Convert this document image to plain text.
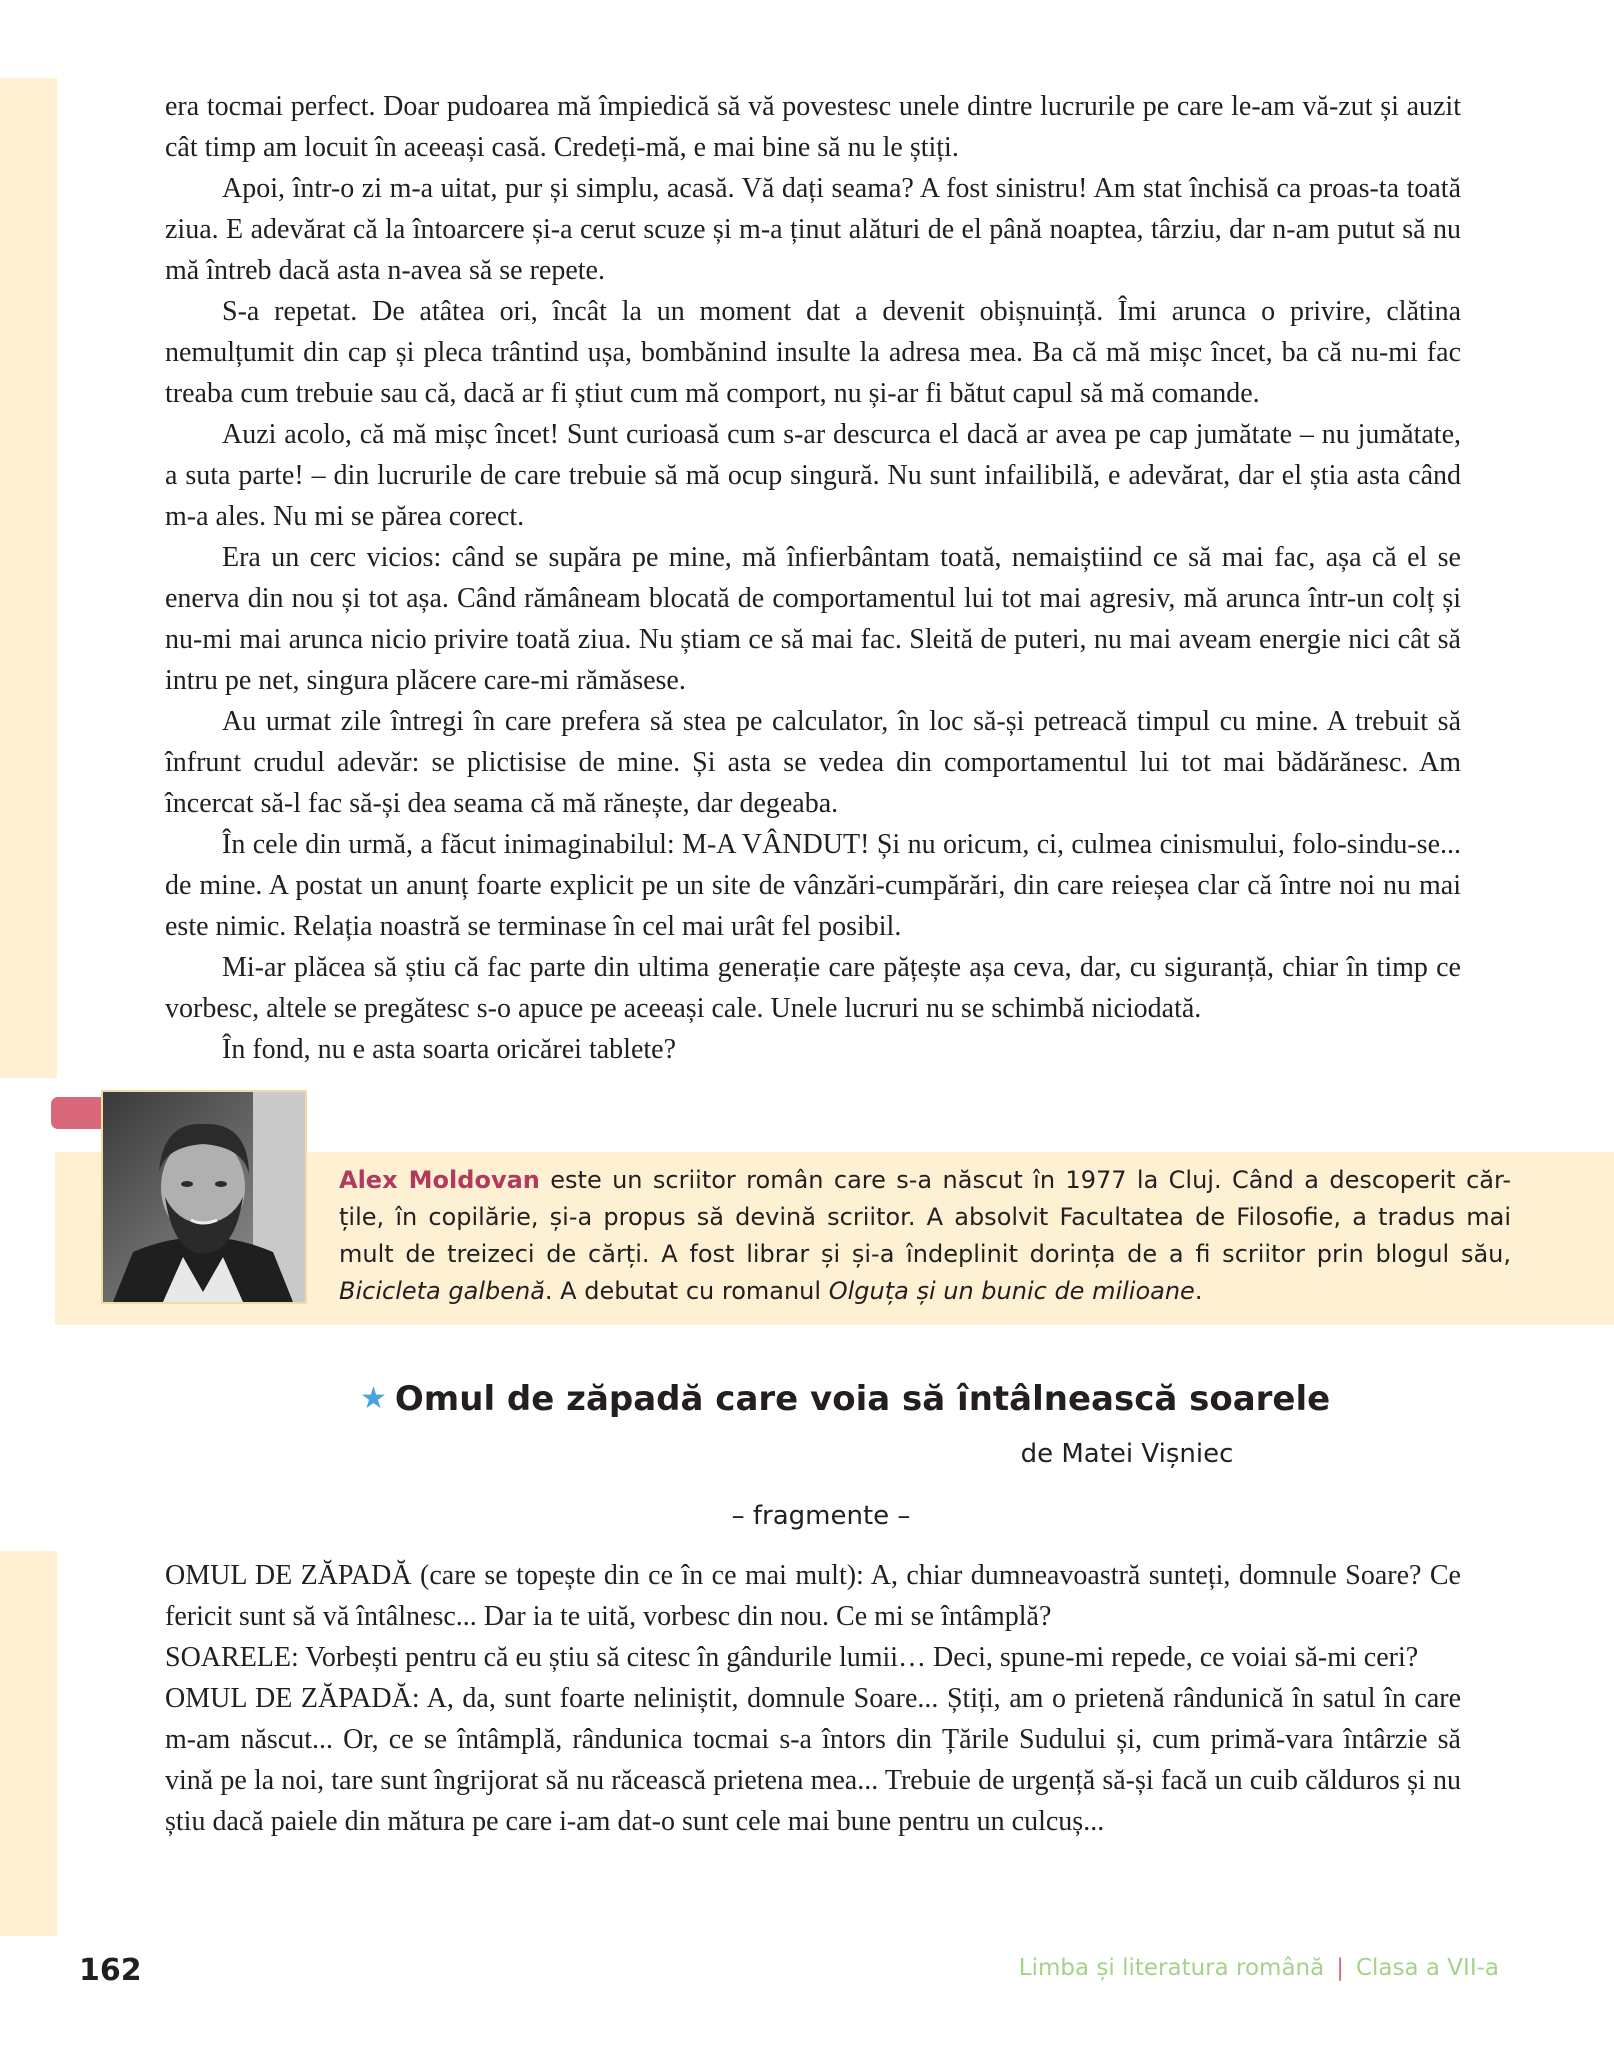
era tocmai perfect. Doar pudoarea mă împiedică să vă povestesc unele dintre lucrurile pe care le-am vă-zut și auzit cât timp am locuit în aceeași casă. Credeți-mă, e mai bine să nu le știți.

Apoi, într-o zi m-a uitat, pur și simplu, acasă. Vă dați seama? A fost sinistru! Am stat închisă ca proas-ta toată ziua. E adevărat că la întoarcere și-a cerut scuze și m-a ținut alături de el până noaptea, târziu, dar n-am putut să nu mă întreb dacă asta n-avea să se repete.

S-a repetat. De atâtea ori, încât la un moment dat a devenit obișnuință. Îmi arunca o privire, clătina nemulțumit din cap și pleca trântind ușa, bombănind insulte la adresa mea. Ba că mă mișc încet, ba că nu-mi fac treaba cum trebuie sau că, dacă ar fi știut cum mă comport, nu și-ar fi bătut capul să mă comande.

Auzi acolo, că mă mișc încet! Sunt curioasă cum s-ar descurca el dacă ar avea pe cap jumătate – nu jumătate, a suta parte! – din lucrurile de care trebuie să mă ocup singură. Nu sunt infailibilă, e adevărat, dar el știa asta când m-a ales. Nu mi se părea corect.

Era un cerc vicios: când se supăra pe mine, mă înfierbântam toată, nemaiștiind ce să mai fac, așa că el se enerva din nou și tot așa. Când rămâneam blocată de comportamentul lui tot mai agresiv, mă arunca într-un colț și nu-mi mai arunca nicio privire toată ziua. Nu știam ce să mai fac. Sleită de puteri, nu mai aveam energie nici cât să intru pe net, singura plăcere care-mi rămăsese.

Au urmat zile întregi în care prefera să stea pe calculator, în loc să-și petreacă timpul cu mine. A trebuit să înfrunt crudul adevăr: se plictisise de mine. Și asta se vedea din comportamentul lui tot mai bădărănesc. Am încercat să-l fac să-și dea seama că mă rănește, dar degeaba.

În cele din urmă, a făcut inimaginabilul: M-A VÂNDUT! Și nu oricum, ci, culmea cinismului, folo-sindu-se... de mine. A postat un anunț foarte explicit pe un site de vânzări-cumpărări, din care reieșea clar că între noi nu mai este nimic. Relația noastră se terminase în cel mai urât fel posibil.

Mi-ar plăcea să știu că fac parte din ultima generație care pățește așa ceva, dar, cu siguranță, chiar în timp ce vorbesc, altele se pregătesc s-o apuce pe aceeași cale. Unele lucruri nu se schimbă niciodată.

În fond, nu e asta soarta oricărei tablete?

Alex Moldovan este un scriitor român care s-a născut în 1977 la Cluj. Când a descoperit căr-țile, în copilărie, și-a propus să devină scriitor. A absolvit Facultatea de Filosofie, a tradus mai mult de treizeci de cărți. A fost librar și și-a îndeplinit dorința de a fi scriitor prin blogul său, Bicicleta galbenă. A debutat cu romanul Olguța și un bunic de milioane.
★ Omul de zăpadă care voia să întâlnească soarele
de Matei Vișniec
– fragmente –

OMUL DE ZĂPADĂ (care se topește din ce în ce mai mult): A, chiar dumneavoastră sunteți, domnule Soare? Ce fericit sunt să vă întâlnesc... Dar ia te uită, vorbesc din nou. Ce mi se întâmplă?

SOARELE: Vorbești pentru că eu știu să citesc în gândurile lumii… Deci, spune-mi repede, ce voiai să-mi ceri?

OMUL DE ZĂPADĂ: A, da, sunt foarte neliniștit, domnule Soare... Știți, am o prietenă rândunică în satul în care m-am născut... Or, ce se întâmplă, rândunica tocmai s-a întors din Țările Sudului și, cum primă-vara întârzie să vină pe la noi, tare sunt îngrijorat să nu răcească prietena mea... Trebuie de urgență să-și facă un cuib călduros și nu știu dacă paiele din mătura pe care i-am dat-o sunt cele mai bune pentru un culcuș...

162	Limba și literatura română | Clasa a VII-a
